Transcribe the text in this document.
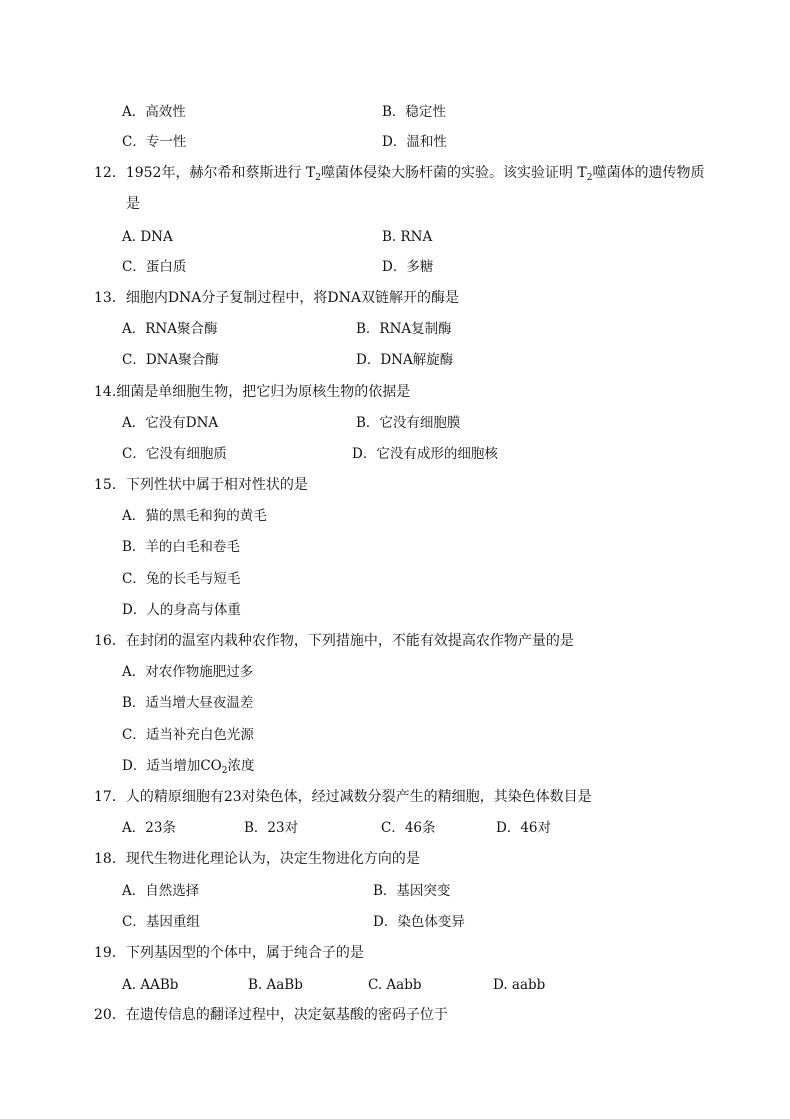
A．高效性	B．稳定性
C．专一性	D．温和性
12．1952年，赫尔希和蔡斯进行 $T_2$噬菌体侵染大肠杆菌的实验。该实验证明 $T_2$噬菌体的遗传物质
是
A. DNA	B. RNA
C．蛋白质	D．多糖
13．细胞内DNA分子复制过程中，将DNA双链解开的酶是
A．RNA聚合酶	B．RNA复制酶
C．DNA聚合酶	D．DNA解旋酶
14.细菌是单细胞生物，把它归为原核生物的依据是
A．它没有DNA	B．它没有细胞膜
C．它没有细胞质	D．它没有成形的细胞核
15．下列性状中属于相对性状的是
A．猫的黑毛和狗的黄毛
B．羊的白毛和卷毛
C．兔的长毛与短毛
D．人的身高与体重
16．在封闭的温室内栽种农作物，下列措施中，不能有效提高农作物产量的是
A．对农作物施肥过多
B．适当增大昼夜温差
C．适当补充白色光源
D．适当增加$CO_2$浓度
17．人的精原细胞有23对染色体，经过减数分裂产生的精细胞，其染色体数目是
A．23条	B．23对	C．46条	D．46对
18．现代生物进化理论认为，决定生物进化方向的是
A．自然选择	B．基因突变
C．基因重组	D．染色体变异
19．下列基因型的个体中，属于纯合子的是
A. AABb	B. AaBb	C. Aabb	D. aabb
20．在遗传信息的翻译过程中，决定氨基酸的密码子位于
